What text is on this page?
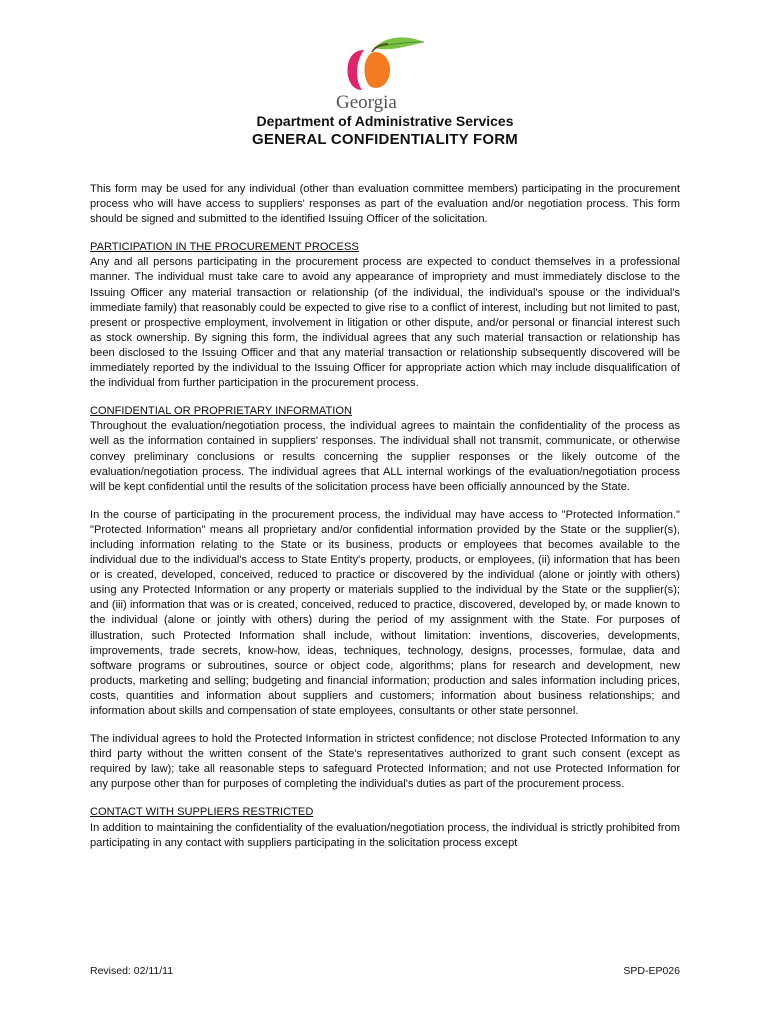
Georgia
Department of Administrative Services
GENERAL CONFIDENTIALITY FORM

This form may be used for any individual (other than evaluation committee members) participating in the procurement process who will have access to suppliers' responses as part of the evaluation and/or negotiation process. This form should be signed and submitted to the identified Issuing Officer of the solicitation.

PARTICIPATION IN THE PROCUREMENT PROCESS
Any and all persons participating in the procurement process are expected to conduct themselves in a professional manner. The individual must take care to avoid any appearance of impropriety and must immediately disclose to the Issuing Officer any material transaction or relationship (of the individual, the individual's spouse or the individual's immediate family) that reasonably could be expected to give rise to a conflict of interest, including but not limited to past, present or prospective employment, involvement in litigation or other dispute, and/or personal or financial interest such as stock ownership. By signing this form, the individual agrees that any such material transaction or relationship has been disclosed to the Issuing Officer and that any material transaction or relationship subsequently discovered will be immediately reported by the individual to the Issuing Officer for appropriate action which may include disqualification of the individual from further participation in the procurement process.

CONFIDENTIAL OR PROPRIETARY INFORMATION
Throughout the evaluation/negotiation process, the individual agrees to maintain the confidentiality of the process as well as the information contained in suppliers' responses. The individual shall not transmit, communicate, or otherwise convey preliminary conclusions or results concerning the supplier responses or the likely outcome of the evaluation/negotiation process. The individual agrees that ALL internal workings of the evaluation/negotiation process will be kept confidential until the results of the solicitation process have been officially announced by the State.

In the course of participating in the procurement process, the individual may have access to "Protected Information." "Protected Information" means all proprietary and/or confidential information provided by the State or the supplier(s), including information relating to the State or its business, products or employees that becomes available to the individual due to the individual's access to State Entity's property, products, or employees, (ii) information that has been or is created, developed, conceived, reduced to practice or discovered by the individual (alone or jointly with others) using any Protected Information or any property or materials supplied to the individual by the State or the supplier(s); and (iii) information that was or is created, conceived, reduced to practice, discovered, developed by, or made known to the individual (alone or jointly with others) during the period of my assignment with the State. For purposes of illustration, such Protected Information shall include, without limitation: inventions, discoveries, developments, improvements, trade secrets, know-how, ideas, techniques, technology, designs, processes, formulae, data and software programs or subroutines, source or object code, algorithms; plans for research and development, new products, marketing and selling; budgeting and financial information; production and sales information including prices, costs, quantities and information about suppliers and customers; information about business relationships; and information about skills and compensation of state employees, consultants or other state personnel.

The individual agrees to hold the Protected Information in strictest confidence; not disclose Protected Information to any third party without the written consent of the State's representatives authorized to grant such consent (except as required by law); take all reasonable steps to safeguard Protected Information; and not use Protected Information for any purpose other than for purposes of completing the individual's duties as part of the procurement process.

CONTACT WITH SUPPLIERS RESTRICTED
In addition to maintaining the confidentiality of the evaluation/negotiation process, the individual is strictly prohibited from participating in any contact with suppliers participating in the solicitation process except

Revised: 02/11/11	SPD-EP026
